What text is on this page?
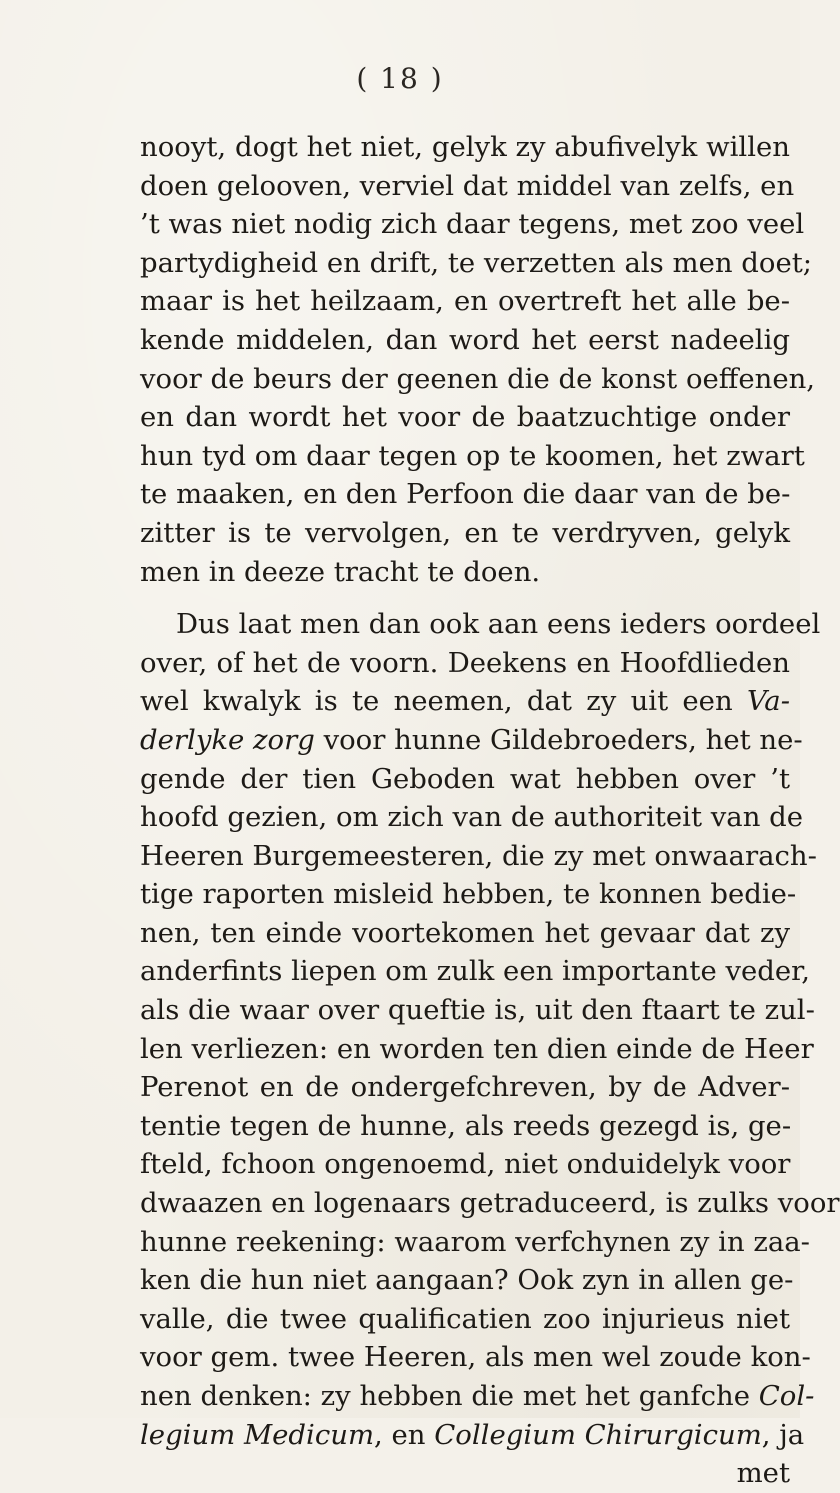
( 18 )
nooyt, dogt het niet, gelyk zy abufivelyk willen
doen gelooven, verviel dat middel van zelfs, en
’t was niet nodig zich daar tegens, met zoo veel
partydigheid en drift, te verzetten als men doet;
maar is het heilzaam, en overtreft het alle be-
kende middelen, dan word het eerst nadeelig
voor de beurs der geenen die de konst oeffenen,
en dan wordt het voor de baatzuchtige onder
hun tyd om daar tegen op te koomen, het zwart
te maaken, en den Perfoon die daar van de be-
zitter is te vervolgen, en te verdryven, gelyk
men in deeze tracht te doen.
Dus laat men dan ook aan eens ieders oordeel
over, of het de voorn. Deekens en Hoofdlieden
wel kwalyk is te neemen, dat zy uit een Va-
derlyke zorg voor hunne Gildebroeders, het ne-
gende der tien Geboden wat hebben over ’t
hoofd gezien, om zich van de authoriteit van de
Heeren Burgemeesteren, die zy met onwaarach-
tige raporten misleid hebben, te konnen bedie-
nen, ten einde voortekomen het gevaar dat zy
anderfints liepen om zulk een importante veder,
als die waar over queftie is, uit den ftaart te zul-
len verliezen: en worden ten dien einde de Heer
Perenot en de ondergefchreven, by de Adver-
tentie tegen de hunne, als reeds gezegd is, ge-
fteld, fchoon ongenoemd, niet onduidelyk voor
dwaazen en logenaars getraduceerd, is zulks voor
hunne reekening: waarom verfchynen zy in zaa-
ken die hun niet aangaan? Ook zyn in allen ge-
valle, die twee qualificatien zoo injurieus niet
voor gem. twee Heeren, als men wel zoude kon-
nen denken: zy hebben die met het ganfche Col-
legium Medicum, en Collegium Chirurgicum, ja
met
